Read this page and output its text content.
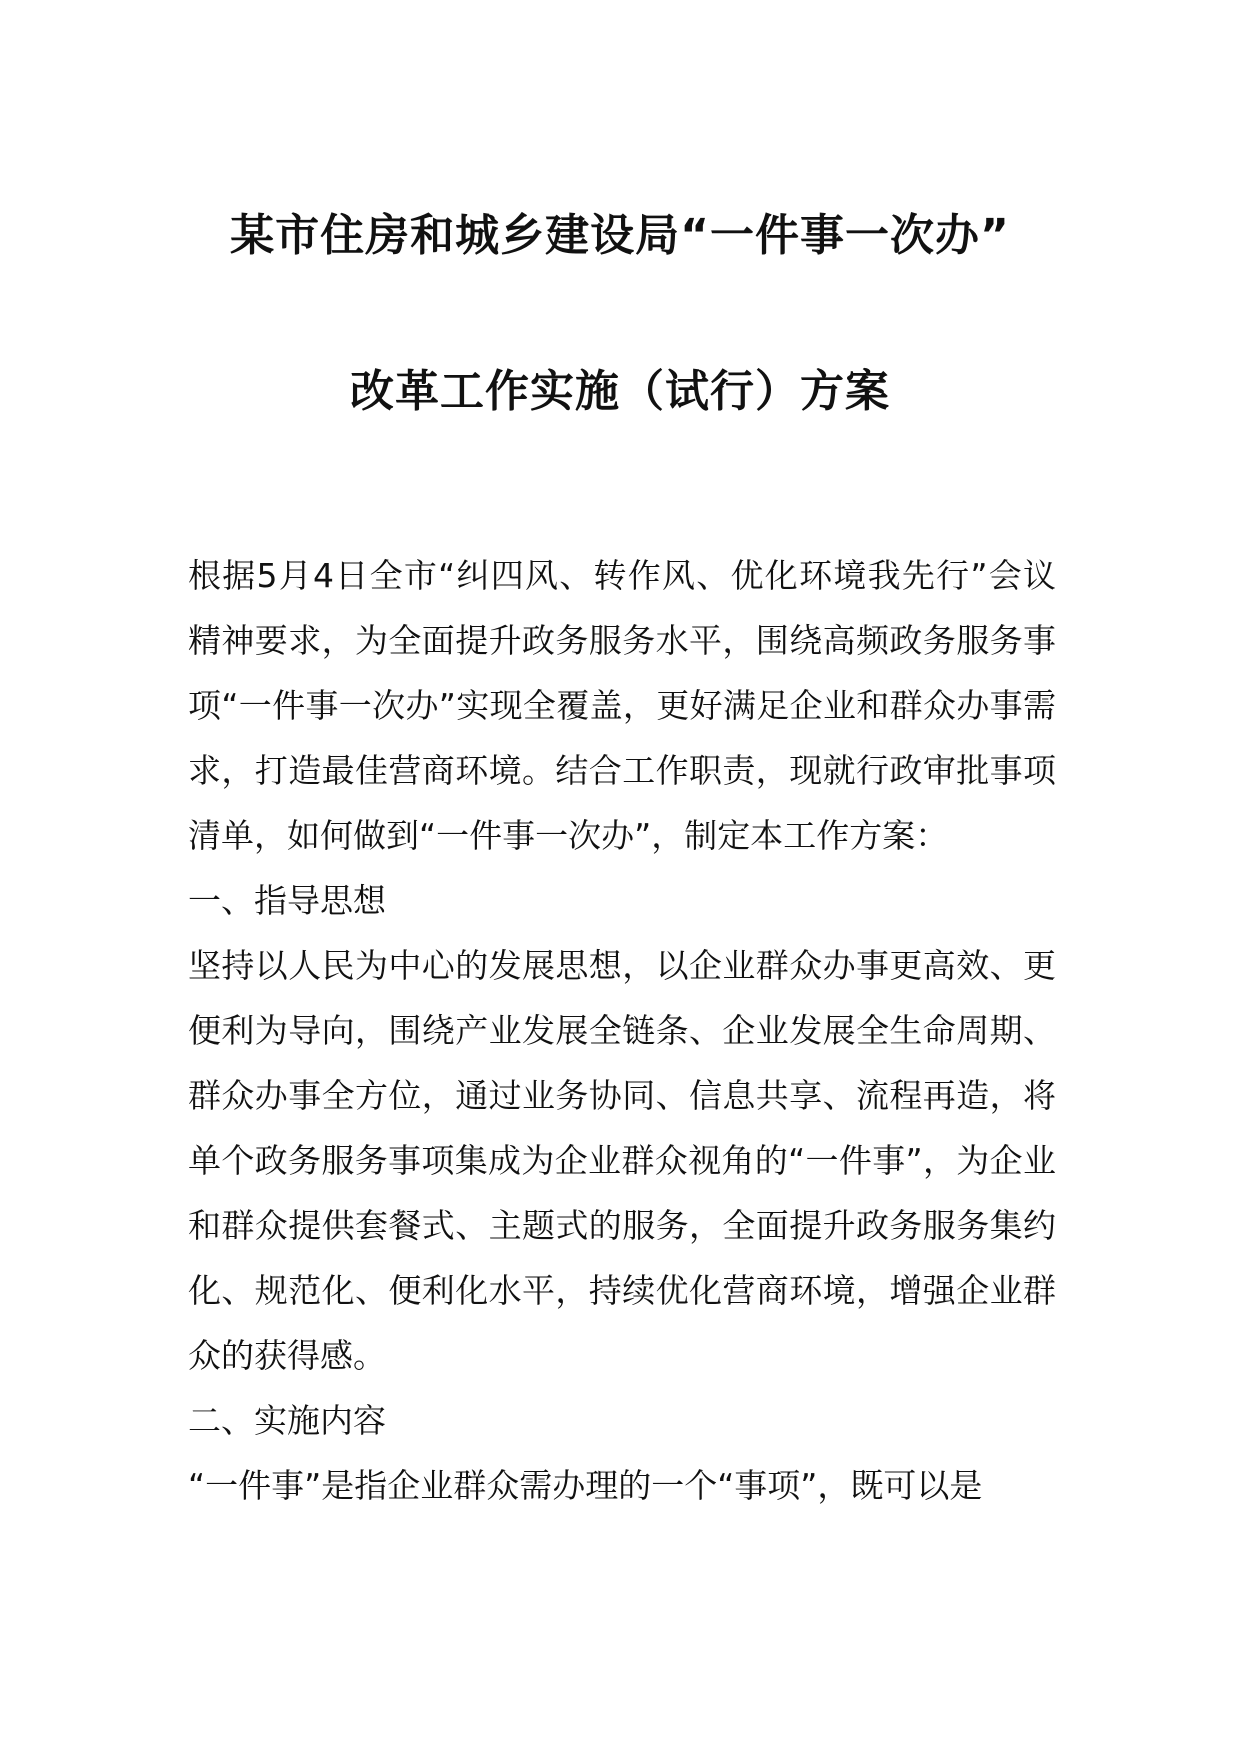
某市住房和城乡建设局“一件事一次办”
改革工作实施（试行）方案

根据5月4日全市“纠四风、转作风、优化环境我先行”会议精神要求，为全面提升政务服务水平，围绕高频政务服务事项“一件事一次办”实现全覆盖，更好满足企业和群众办事需求，打造最佳营商环境。结合工作职责，现就行政审批事项清单，如何做到“一件事一次办”，制定本工作方案：

一、指导思想

坚持以人民为中心的发展思想，以企业群众办事更高效、更便利为导向，围绕产业发展全链条、企业发展全生命周期、群众办事全方位，通过业务协同、信息共享、流程再造，将单个政务服务事项集成为企业群众视角的“一件事”，为企业和群众提供套餐式、主题式的服务，全面提升政务服务集约化、规范化、便利化水平，持续优化营商环境，增强企业群众的获得感。

二、实施内容

“一件事”是指企业群众需办理的一个“事项”，既可以是
